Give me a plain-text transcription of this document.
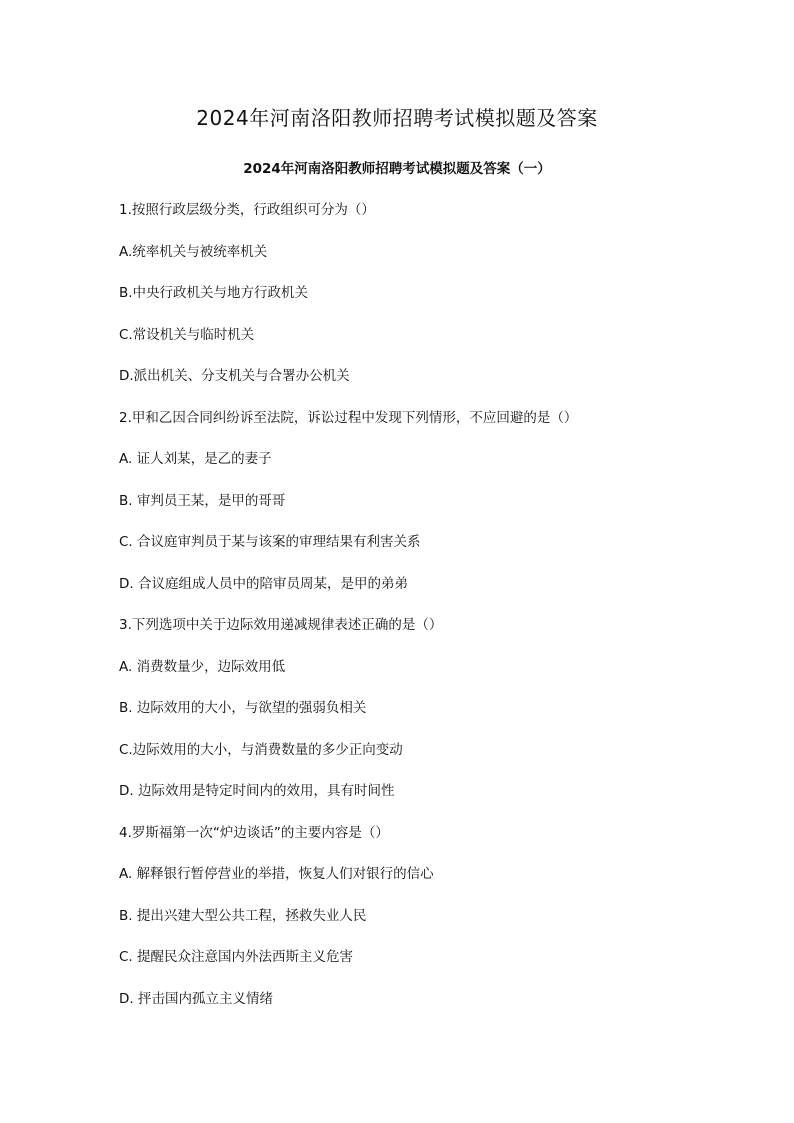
2024年河南洛阳教师招聘考试模拟题及答案
2024年河南洛阳教师招聘考试模拟题及答案（一）

1.按照行政层级分类，行政组织可分为（）

A.统率机关与被统率机关

B.中央行政机关与地方行政机关

C.常设机关与临时机关

D.派出机关、分支机关与合署办公机关

2.甲和乙因合同纠纷诉至法院，诉讼过程中发现下列情形，不应回避的是（）

A. 证人刘某，是乙的妻子

B. 审判员王某，是甲的哥哥

C. 合议庭审判员于某与该案的审理结果有利害关系

D. 合议庭组成人员中的陪审员周某，是甲的弟弟

3.下列选项中关于边际效用递减规律表述正确的是（）

A. 消费数量少，边际效用低

B. 边际效用的大小，与欲望的强弱负相关

C.边际效用的大小，与消费数量的多少正向变动

D. 边际效用是特定时间内的效用，具有时间性

4.罗斯福第一次“炉边谈话”的主要内容是（）

A. 解释银行暂停营业的举措，恢复人们对银行的信心

B. 提出兴建大型公共工程，拯救失业人民

C. 提醒民众注意国内外法西斯主义危害

D. 抨击国内孤立主义情绪
